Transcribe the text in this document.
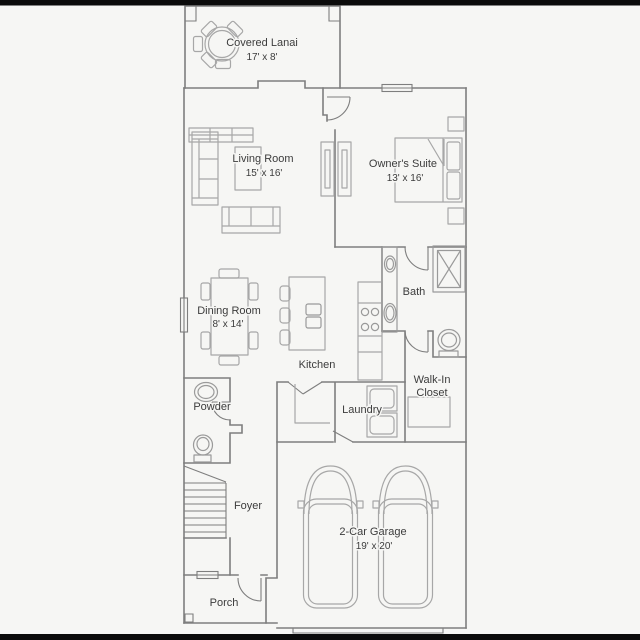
Covered Lanai
17' x 8'
Living Room
15' x 16'
Owner's Suite
13' x 16'
Dining Room
8' x 14'
Kitchen
Bath
Walk-In
Closet
Powder	Laundry
Foyer
2-Car Garage
19' x 20'
Porch
